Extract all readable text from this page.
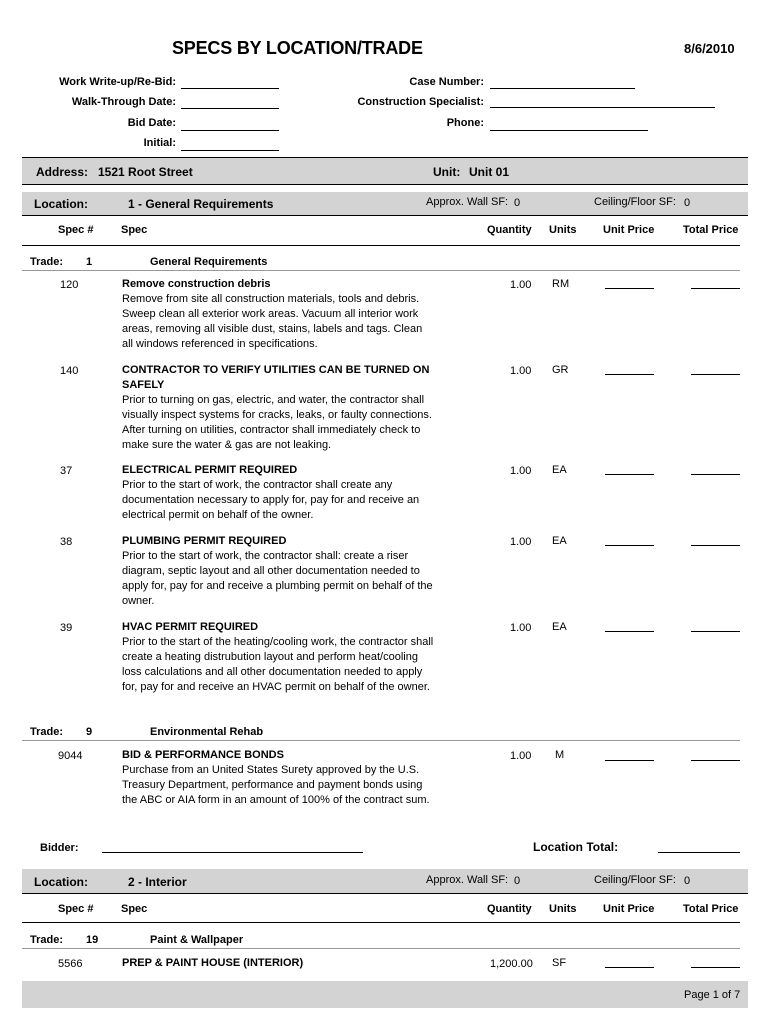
SPECS BY LOCATION/TRADE	8/6/2010
Work Write-up/Re-Bid:
Walk-Through Date:
Bid Date:
Initial:
Case Number:
Construction Specialist:
Phone:
Address: 1521 Root Street	Unit: Unit 01
Location:	1 - General Requirements	Approx. Wall SF: 0	Ceiling/Floor SF: 0
Spec #	Spec	Quantity Units Unit Price	Total Price
Trade: 1	General Requirements
120	Remove construction debris
Remove from site all construction materials, tools and debris.
Sweep clean all exterior work areas. Vacuum all interior work
areas, removing all visible dust, stains, labels and tags. Clean
all windows referenced in specifications.
1.00 RM
140	CONTRACTOR TO VERIFY UTILITIES CAN BE TURNED ON
SAFELY
Prior to turning on gas, electric, and water, the contractor shall
visually inspect systems for cracks, leaks, or faulty connections.
After turning on utilities, contractor shall immediately check to
make sure the water & gas are not leaking.
1.00 GR
37	ELECTRICAL PERMIT REQUIRED
Prior to the start of work, the contractor shall create any
documentation necessary to apply for, pay for and receive an
electrical permit on behalf of the owner.
1.00 EA
38	PLUMBING PERMIT REQUIRED
Prior to the start of work, the contractor shall: create a riser
diagram, septic layout and all other documentation needed to
apply for, pay for and receive a plumbing permit on behalf of the
owner.
1.00 EA
39	HVAC PERMIT REQUIRED
Prior to the start of the heating/cooling work, the contractor shall
create a heating distrubution layout and perform heat/cooling
loss calculations and all other documentation needed to apply
for, pay for and receive an HVAC permit on behalf of the owner.
1.00 EA
Trade: 9	Environmental Rehab
9044	BID & PERFORMANCE BONDS
Purchase from an United States Surety approved by the U.S.
Treasury Department, performance and payment bonds using
the ABC or AIA form in an amount of 100% of the contract sum.
1.00 M
Bidder:	Location Total:
Location:	2 - Interior	Approx. Wall SF: 0	Ceiling/Floor SF: 0
Spec #	Spec	Quantity Units Unit Price	Total Price
Trade: 19	Paint & Wallpaper
5566	PREP & PAINT HOUSE (INTERIOR)	1,200.00 SF
Page 1 of 7
